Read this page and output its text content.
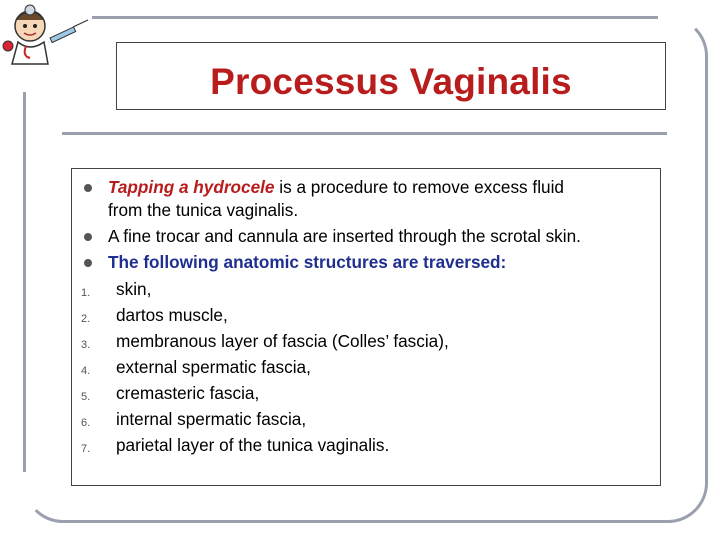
Processus Vaginalis
Tapping a hydrocele is a procedure to remove excess fluid
from the tunica vaginalis.
A fine trocar and cannula are inserted through the scrotal skin.
The following anatomic structures are traversed:
1. skin,
2. dartos muscle,
3. membranous layer of fascia (Colles’ fascia),
4. external spermatic fascia,
5. cremasteric fascia,
6. internal spermatic fascia,
7. parietal layer of the tunica vaginalis.
